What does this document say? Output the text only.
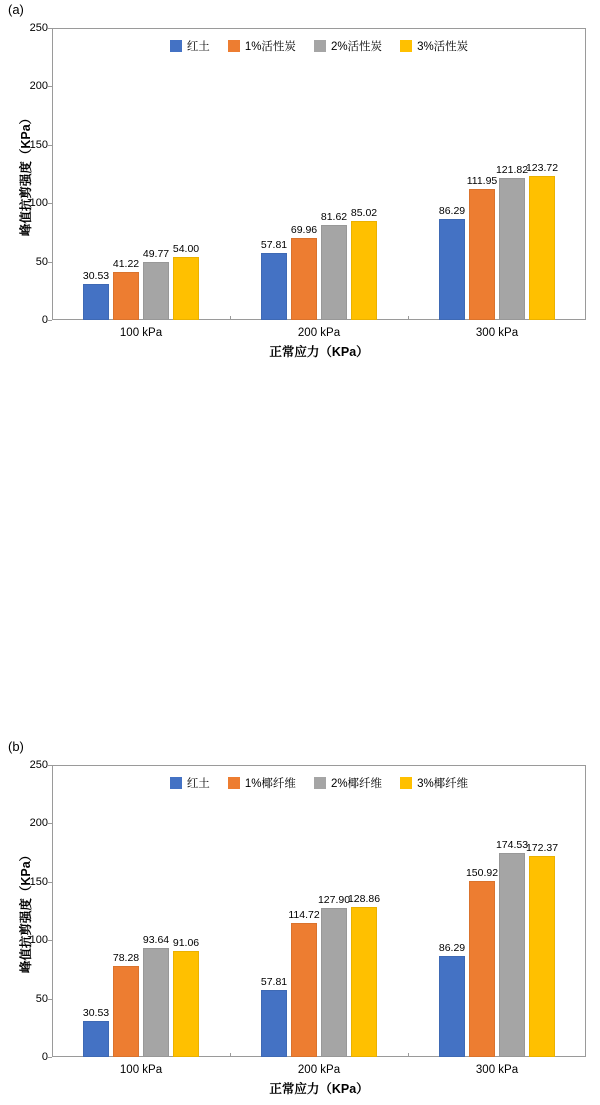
(a)
峰值抗剪强度（KPa）
红土	1%活性炭	2%活性炭	3%活性炭
0
50
100
150
200
250
30.53
41.22
49.77 54.00
100 kPa
57.81
69.96
81.62 85.02
200 kPa
86.29
111.95
121.82
123.72
300 kPa
正常应力（KPa）
(b)
峰值抗剪强度（KPa）
红土	1%椰纤维	2%椰纤维	3%椰纤维
0
50
100
150
200
250
30.53
78.28
93.64 91.06
100 kPa
57.81
114.72
127.90
128.86
200 kPa
86.29
150.92
174.53
172.37
300 kPa
正常应力（KPa）
